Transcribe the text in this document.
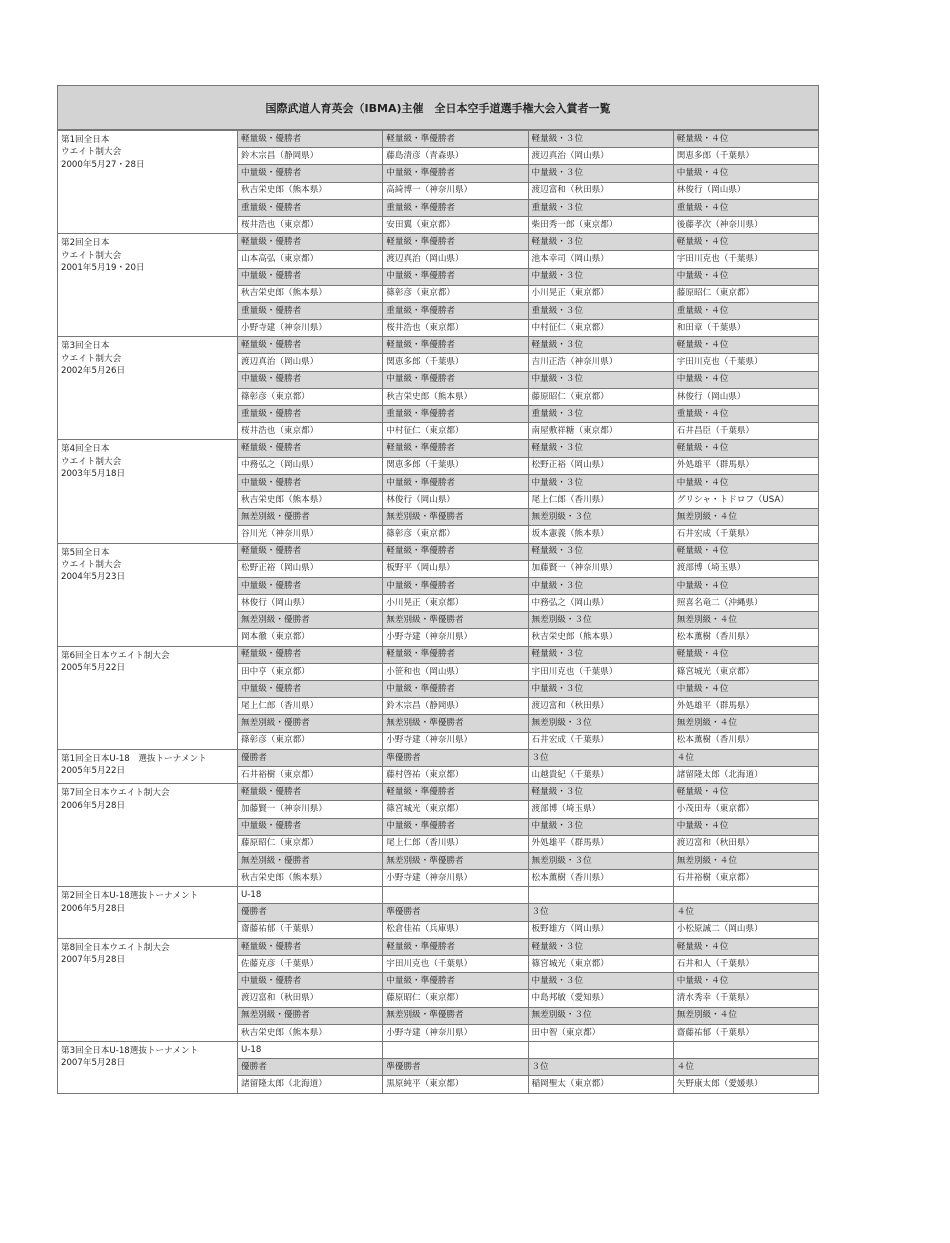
国際武道人育英会（IBMA)主催　全日本空手道選手権大会入賞者一覧
第1回全日本
ウエイト制大会
2000年5月27・28日	軽量級・優勝者	軽量級・準優勝者	軽量級・３位	軽量級・４位
	鈴木宗昌（静岡県）	藤島清彦（青森県）	渡辺真治（岡山県）	関恵多郎（千葉県）
	中量級・優勝者	中量級・準優勝者	中量級・３位	中量級・４位
	秋吉栄史郎（熊本県）	高綺博一（神奈川県）	渡辺富和（秋田県）	林俊行（岡山県）
	重量級・優勝者	重量級・準優勝者	重量級・３位	重量級・４位
	桜井浩也（東京都）	安田翼（東京都）	柴田秀一郎（東京都）	後藤孝次（神奈川県）

第2回全日本
ウエイト制大会
2001年5月19・20日	軽量級・優勝者	軽量級・準優勝者	軽量級・３位	軽量級・４位
	山本高弘（東京都）	渡辺真治（岡山県）	池本幸司（岡山県）	宇田川克也（千葉県）
	中量級・優勝者	中量級・準優勝者	中量級・３位	中量級・４位
	秋吉栄史郎（熊本県）	篠彰彦（東京都）	小川晃正（東京都）	藤原昭仁（東京都）
	重量級・優勝者	重量級・準優勝者	重量級・３位	重量級・４位
	小野寺建（神奈川県）	桜井浩也（東京都）	中村征仁（東京都）	和田章（千葉県）

第3回全日本
ウエイト制大会
2002年5月26日	軽量級・優勝者	軽量級・準優勝者	軽量級・３位	軽量級・４位
	渡辺真治（岡山県）	関恵多郎（千葉県）	吉川正浩（神奈川県）	宇田川克也（千葉県）
	中量級・優勝者	中量級・準優勝者	中量級・３位	中量級・４位
	篠彰彦（東京都）	秋吉栄史郎（熊本県）	藤原昭仁（東京都）	林俊行（岡山県）
	重量級・優勝者	重量級・準優勝者	重量級・３位	重量級・４位
	桜井浩也（東京都）	中村征仁（東京都）	南屋敷祥糖（東京都）	石井昌臣（千葉県）

第4回全日本
ウエイト制大会
2003年5月18日	軽量級・優勝者	軽量級・準優勝者	軽量級・３位	軽量級・４位
	中務弘之（岡山県）	関恵多郎（千葉県）	松野正裕（岡山県）	外処雄平（群馬県）
	中量級・優勝者	中量級・準優勝者	中量級・３位	中量級・４位
	秋吉栄史郎（熊本県）	林俊行（岡山県）	尾上仁郎（香川県）	グリシャ・トドロフ（USA）
	無差別級・優勝者	無差別級・準優勝者	無差別級・３位	無差別級・４位
	谷川光（神奈川県）	篠彰彦（東京都）	坂本憲義（熊本県）	石井宏成（千葉県）

第5回全日本
ウエイト制大会
2004年5月23日	軽量級・優勝者	軽量級・準優勝者	軽量級・３位	軽量級・４位
	松野正裕（岡山県）	板野平（岡山県）	加藤賢一（神奈川県）	渡部博（埼玉県）
	中量級・優勝者	中量級・準優勝者	中量級・３位	中量級・４位
	林俊行（岡山県）	小川晃正（東京都）	中務弘之（岡山県）	照喜名竜二（沖縄県）
	無差別級・優勝者	無差別級・準優勝者	無差別級・３位	無差別級・４位
	岡本徹（東京都）	小野寺建（神奈川県）	秋吉栄史郎（熊本県）	松本薫樹（香川県）

第6回全日本ウエイト制大会
2005年5月22日	軽量級・優勝者	軽量級・準優勝者	軽量級・３位	軽量級・４位
	田中亨（東京都）	小笹和也（岡山県）	宇田川克也（千葉県）	篠宮城光（東京都）
	中量級・優勝者	中量級・準優勝者	中量級・３位	中量級・４位
	尾上仁郎（香川県）	鈴木宗昌（静岡県）	渡辺富和（秋田県）	外処雄平（群馬県）
	無差別級・優勝者	無差別級・準優勝者	無差別級・３位	無差別級・４位
	篠彰彦（東京都）	小野寺建（神奈川県）	石井宏成（千葉県）	松本薫樹（香川県）

第1回全日本U-18　選抜トーナメント
2005年5月22日	優勝者	準優勝者	３位	４位
	石井裕樹（東京都）	藤村啓祐（東京都）	山越貴紀（千葉県）	諸留隆太郎（北海道）

第7回全日本ウエイト制大会
2006年5月28日	軽量級・優勝者	軽量級・準優勝者	軽量級・３位	軽量級・４位
	加藤賢一（神奈川県）	篠宮城光（東京都）	渡部博（埼玉県）	小茂田寿（東京都）
	中量級・優勝者	中量級・準優勝者	中量級・３位	中量級・４位
	藤原昭仁（東京都）	尾上仁郎（香川県）	外処雄平（群馬県）	渡辺富和（秋田県）
	無差別級・優勝者	無差別級・準優勝者	無差別級・３位	無差別級・４位
	秋吉栄史郎（熊本県）	小野寺建（神奈川県）	松本薫樹（香川県）	石井裕樹（東京都）

第2回全日本U-18選抜トーナメント
2006年5月28日	U-18			
	優勝者	準優勝者	３位	４位
	齋藤祐郁（千葉県）	松倉佳祐（兵庫県）	板野雄方（岡山県）	小松原誠二（岡山県）

第8回全日本ウエイト制大会
2007年5月28日	軽量級・優勝者	軽量級・準優勝者	軽量級・３位	軽量級・４位
	佐藤克彦（千葉県）	宇田川克也（千葉県）	篠宮城光（東京都）	石井和人（千葉県）
	中量級・優勝者	中量級・準優勝者	中量級・３位	中量級・４位
	渡辺富和（秋田県）	藤原昭仁（東京都）	中島邦敏（愛知県）	清水秀幸（千葉県）
	無差別級・優勝者	無差別級・準優勝者	無差別級・３位	無差別級・４位
	秋吉栄史郎（熊本県）	小野寺建（神奈川県）	田中智（東京都）	齋藤祐郁（千葉県）

第3回全日本U-18選抜トーナメント
2007年5月28日	U-18			
	優勝者	準優勝者	３位	４位
	諸留隆太郎（北海道）	黒原純平（東京都）	稲岡聖太（東京都）	矢野康太郎（愛媛県）
